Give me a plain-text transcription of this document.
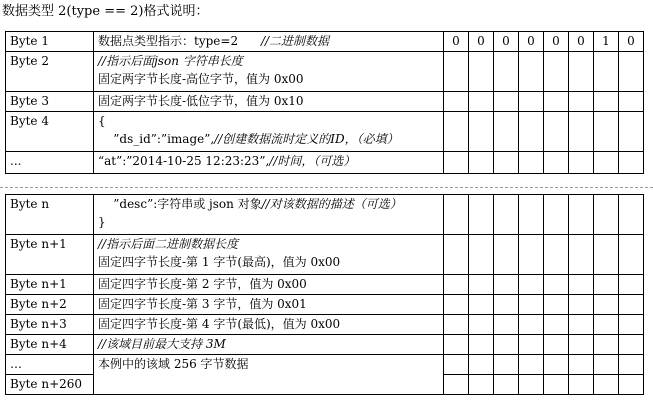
数据类型 2(type == 2)格式说明：
Byte 1	数据点类型指示：type=2 //二进制数据	0	0	0	0	0	0	1	0
Byte 2	//指示后面json 字符串长度
固定两字节长度-高位字节，值为 0x00								

Byte 3	固定两字节长度-低位字节，值为 0x10								
Byte 4	{
”ds_id”:”image”,//创建数据流时定义的ID，（必填）								

...	“at”:”2014-10-25 12:23:23”,//时间，（可选）								
Byte n	”desc”:字符串或 json 对象//对该数据的描述（可选）
}								

Byte n+1	//指示后面二进制数据长度
固定四字节长度-第 1 字节(最高)，值为 0x00								

Byte n+1	固定四字节长度-第 2 字节，值为 0x00								
Byte n+2	固定四字节长度-第 3 字节，值为 0x01								
Byte n+3	固定四字节长度-第 4 字节(最低)，值为 0x00								
Byte n+4	//该域目前最大支持 3M								
…	本例中的该域 256 字节数据								
Byte n+260									
